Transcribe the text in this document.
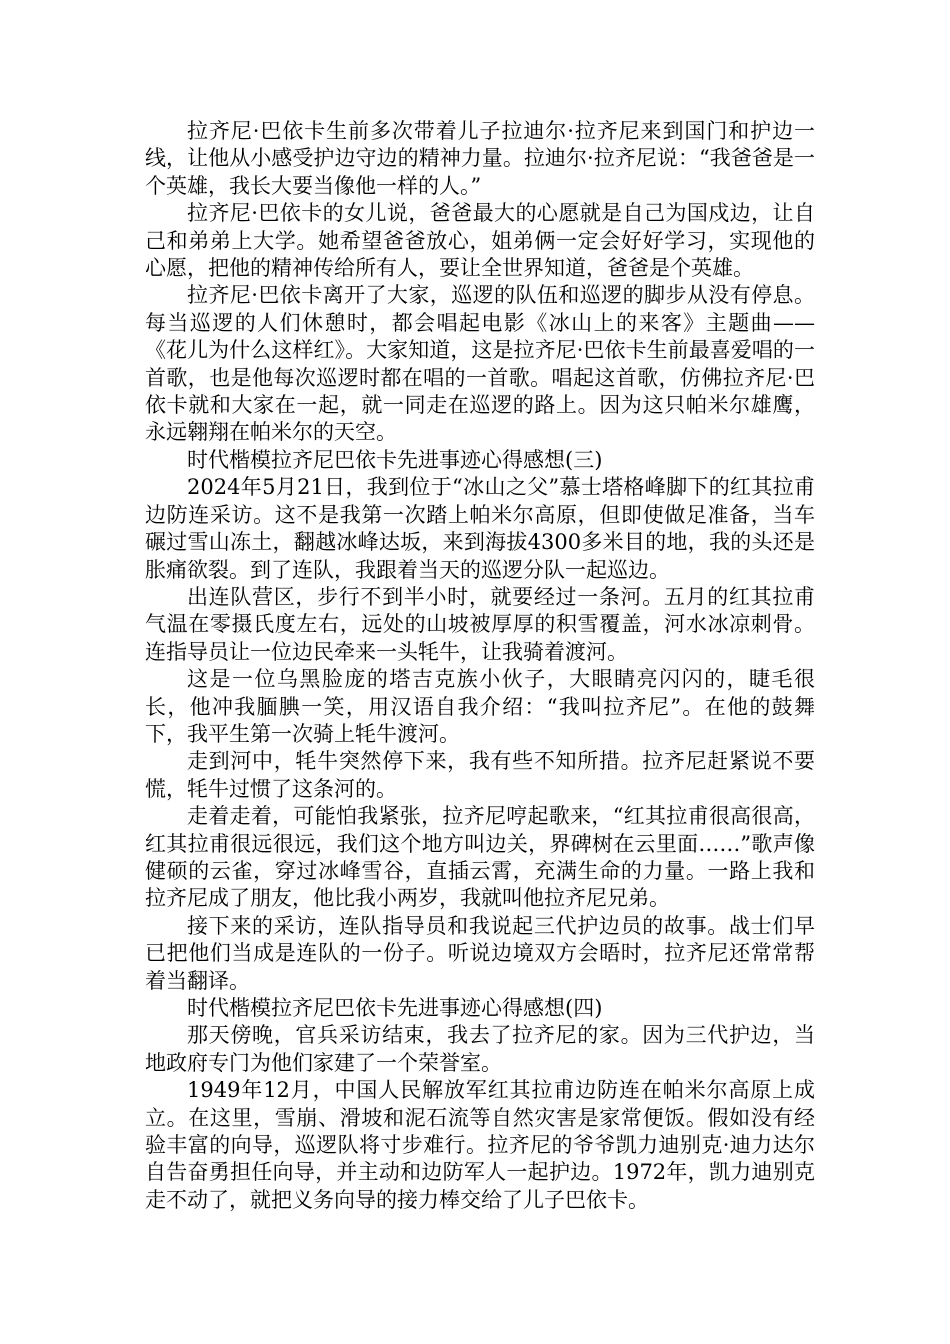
拉齐尼·巴依卡生前多次带着儿子拉迪尔·拉齐尼来到国门和护边一线，让他从小感受护边守边的精神力量。拉迪尔·拉齐尼说：“我爸爸是一个英雄，我长大要当像他一样的人。”

拉齐尼·巴依卡的女儿说，爸爸最大的心愿就是自己为国戍边，让自己和弟弟上大学。她希望爸爸放心，姐弟俩一定会好好学习，实现他的心愿，把他的精神传给所有人，要让全世界知道，爸爸是个英雄。

拉齐尼·巴依卡离开了大家，巡逻的队伍和巡逻的脚步从没有停息。每当巡逻的人们休憩时，都会唱起电影《冰山上的来客》主题曲——《花儿为什么这样红》。大家知道，这是拉齐尼·巴依卡生前最喜爱唱的一首歌，也是他每次巡逻时都在唱的一首歌。唱起这首歌，仿佛拉齐尼·巴依卡就和大家在一起，就一同走在巡逻的路上。因为这只帕米尔雄鹰，永远翱翔在帕米尔的天空。

时代楷模拉齐尼巴依卡先进事迹心得感想(三)

2024年5月21日，我到位于“冰山之父”慕士塔格峰脚下的红其拉甫边防连采访。这不是我第一次踏上帕米尔高原，但即使做足准备，当车碾过雪山冻土，翻越冰峰达坂，来到海拔4300多米目的地，我的头还是胀痛欲裂。到了连队，我跟着当天的巡逻分队一起巡边。

出连队营区，步行不到半小时，就要经过一条河。五月的红其拉甫气温在零摄氏度左右，远处的山坡被厚厚的积雪覆盖，河水冰凉刺骨。连指导员让一位边民牵来一头牦牛，让我骑着渡河。

这是一位乌黑脸庞的塔吉克族小伙子，大眼睛亮闪闪的，睫毛很长，他冲我腼腆一笑，用汉语自我介绍：“我叫拉齐尼”。在他的鼓舞下，我平生第一次骑上牦牛渡河。

走到河中，牦牛突然停下来，我有些不知所措。拉齐尼赶紧说不要慌，牦牛过惯了这条河的。

走着走着，可能怕我紧张，拉齐尼哼起歌来，“红其拉甫很高很高，红其拉甫很远很远，我们这个地方叫边关，界碑树在云里面……”歌声像健硕的云雀，穿过冰峰雪谷，直插云霄，充满生命的力量。一路上我和拉齐尼成了朋友，他比我小两岁，我就叫他拉齐尼兄弟。

接下来的采访，连队指导员和我说起三代护边员的故事。战士们早已把他们当成是连队的一份子。听说边境双方会晤时，拉齐尼还常常帮着当翻译。

时代楷模拉齐尼巴依卡先进事迹心得感想(四)

那天傍晚，官兵采访结束，我去了拉齐尼的家。因为三代护边，当地政府专门为他们家建了一个荣誉室。

1949年12月，中国人民解放军红其拉甫边防连在帕米尔高原上成立。在这里，雪崩、滑坡和泥石流等自然灾害是家常便饭。假如没有经验丰富的向导，巡逻队将寸步难行。拉齐尼的爷爷凯力迪别克·迪力达尔自告奋勇担任向导，并主动和边防军人一起护边。1972年，凯力迪别克走不动了，就把义务向导的接力棒交给了儿子巴依卡。
